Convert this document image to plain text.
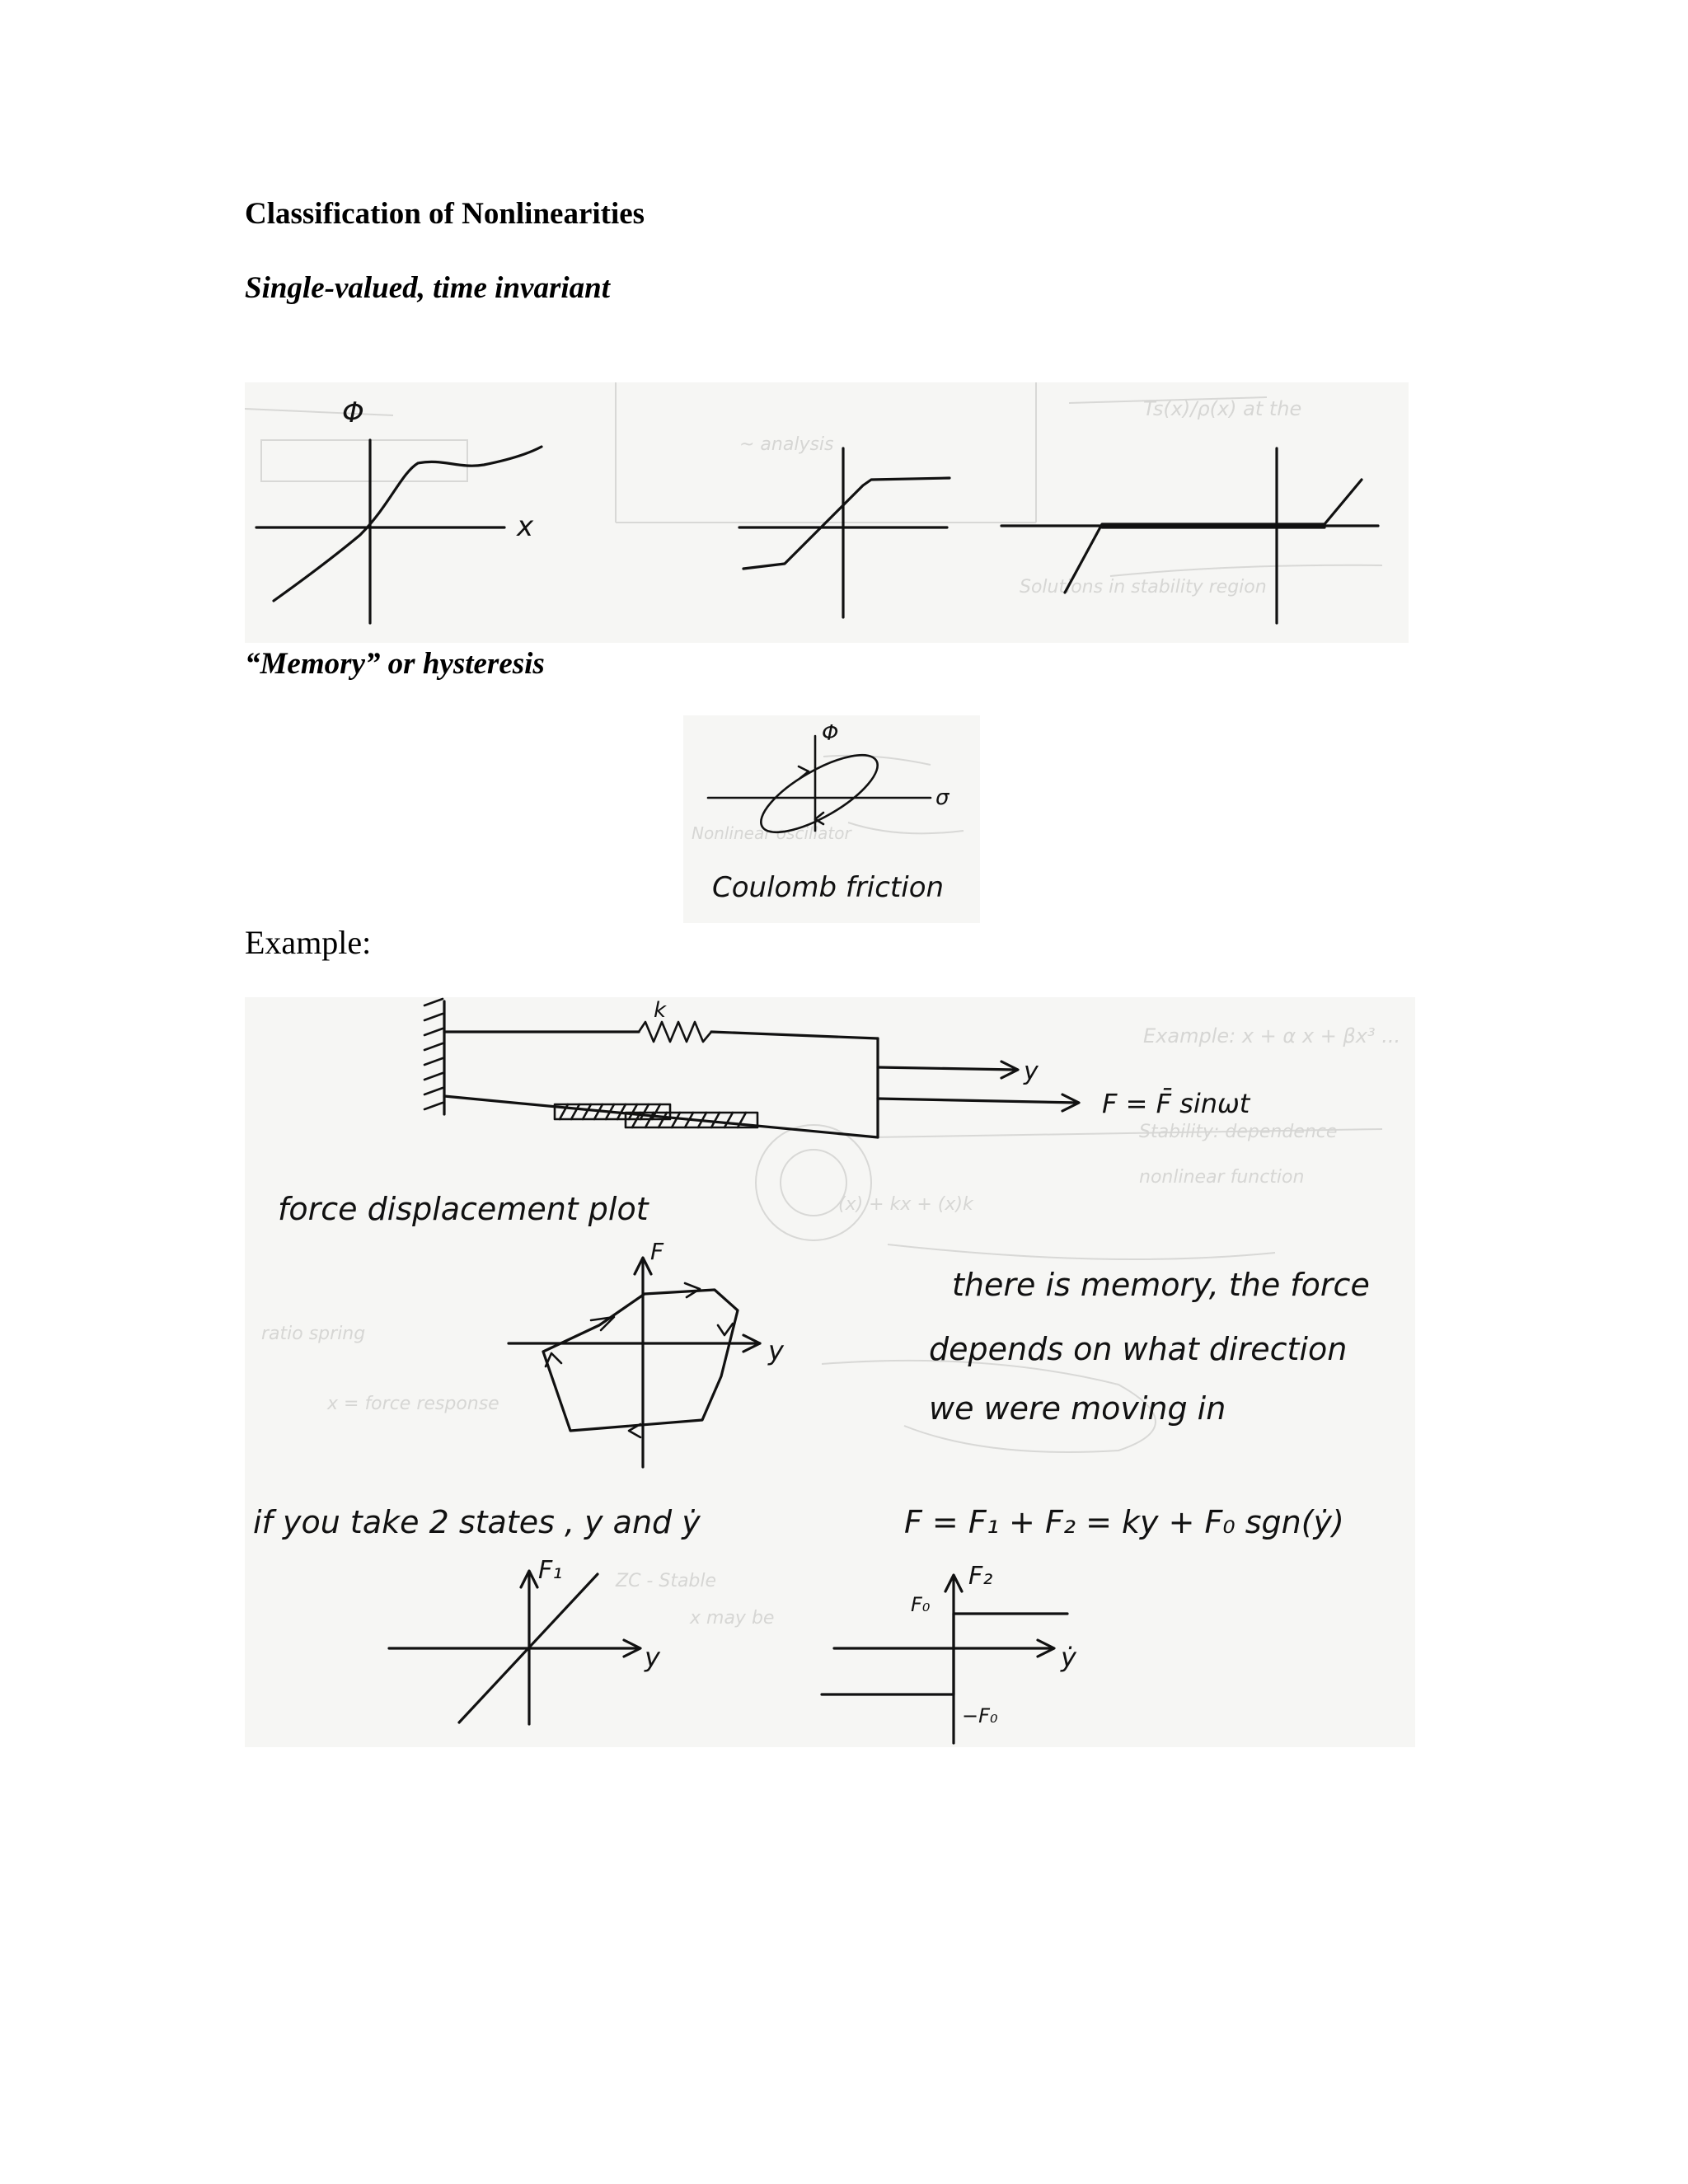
Classification of Nonlinearities
Single-valued, time invariant
Ts(x)/ρ(x) at the
~ analysis
Solutions in stability region
Φ
x
“Memory” or hysteresis
Nonlinear oscillator
Φ
σ
Coulomb friction
Example:
Example: x + α x + βx³ ...
Stability: dependence
nonlinear function
(x) + kx + (x)k
ratio spring
x = force response
ZC - Stable
x may be
k
y
F = F̄ sinωt
force displacement plot
y
F
there is memory, the force
depends on what direction
we were moving in
if you take 2 states , y and ẏ	F = F₁ + F₂ = ky + F₀ sgn(ẏ)
y
F₁
ẏ
F₂
F₀
−F₀
